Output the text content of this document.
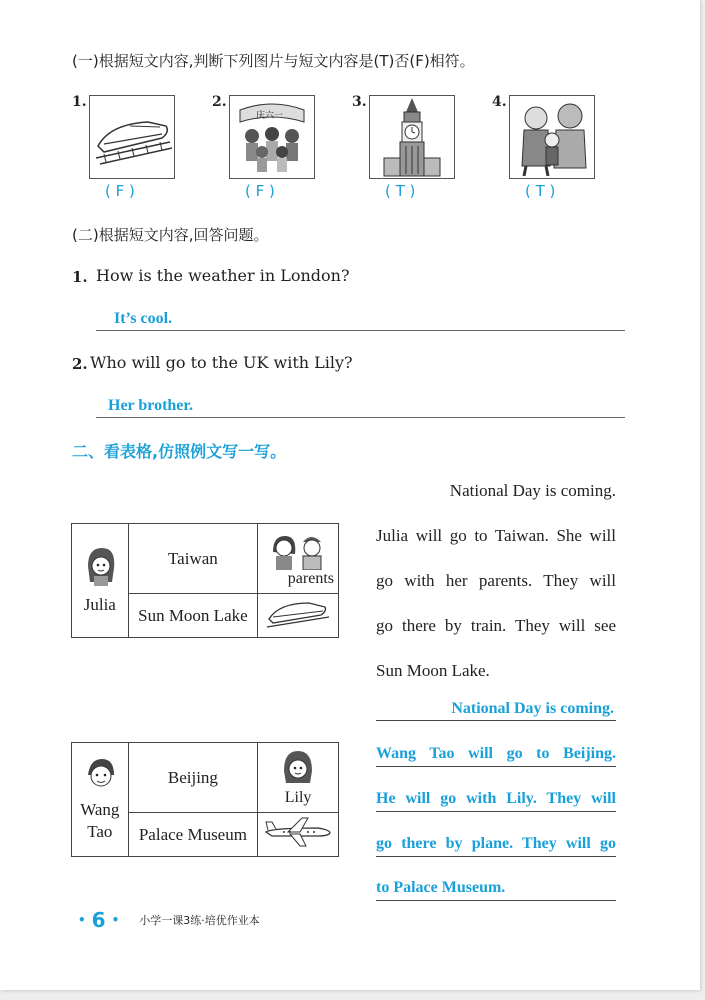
(一)根据短文内容,判断下列图片与短文内容是(T)否(F)相符。
1.
( F )
2.
庆六一
( F )
3.
( T )
4.
( T )
(二)根据短文内容,回答问题。
1. How is the weather in London?
It’s cool.
2. Who will go to the UK with Lily?
Her brother.
二、看表格,仿照例文写一写。
Julia	Taiwan	parents

	Sun Moon Lake	
Wang
Tao	Beijing	Lily

	Palace Museum	
National Day is coming.
Julia will go to Taiwan. She will
go with her parents. They will
go there by train. They will see
Sun Moon Lake.
National Day is coming.
Wang Tao will go to Beijing.
He will go with Lily. They will
go there by plane. They will go
to Palace Museum.
• 6 • 小学一课3练·培优作业本
